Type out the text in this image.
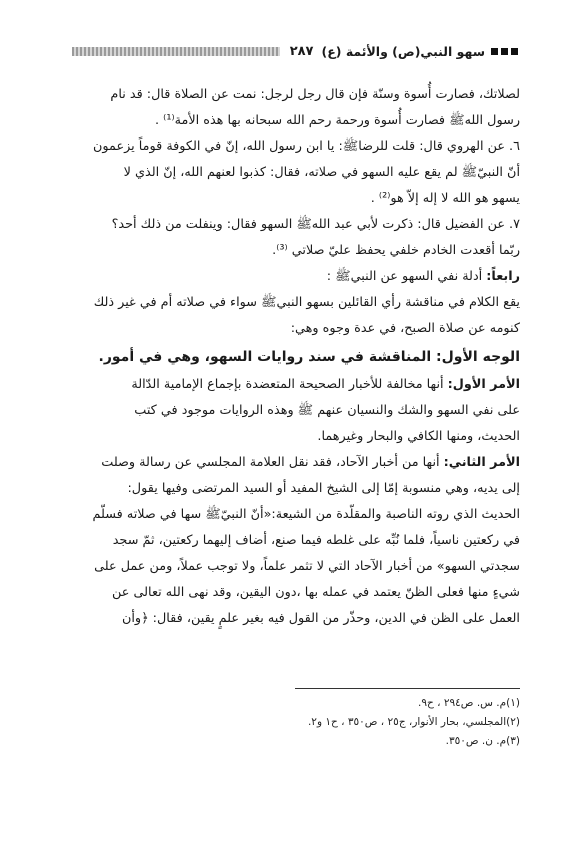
سهو النبي(ص) والأئمة (ع)
٢٨٧

لصلاتك، فصارت أُسوة وسنّة فإن قال رجل لرجل: نمت عن الصلاة قال: قد نام

رسول اللهﷺ فصارت أُسوة ورحمة رحم الله سبحانه بها هذه الأمة⁽¹⁾ .

٦. عن الهروي قال: قلت للرضاﷺ: يا ابن رسول الله، إنّ في الكوفة قوماً يزعمون

أنّ النبيّﷺ لم يقع عليه السهو في صلاته، فقال: كذبوا لعنهم الله، إنّ الذي لا

يسهو هو الله لا إله إلاّ هو⁽²⁾ .

٧. عن الفضيل قال: ذكرت لأبي عبد اللهﷺ السهو فقال: وينفلت من ذلك أحد؟

ربّما أقعدت الخادم خلفي يحفظ عليّ صلاتي ⁽³⁾.

رابعاً: أدلة نفي السهو عن النبيﷺ :

يقع الكلام في مناقشة رأي القائلين بسهو النبيﷺ سواء في صلاته أم في غير ذلك

كنومه عن صلاة الصبح، في عدة وجوه وهي:

الوجه الأول: المناقشة في سند روايات السهو، وهي في أمور.

الأمر الأول: أنها مخالفة للأخبار الصحيحة المتعضدة بإجماع الإمامية الدّالة

على نفي السهو والشك والنسيان عنهم ﷺ وهذه الروايات موجود في كتب

الحديث، ومنها الكافي والبحار وغيرهما.

الأمر الثاني: أنها من أخبار الآحاد، فقد نقل العلامة المجلسي عن رسالة وصلت

إلى يديه، وهي منسوبة إمّا إلى الشيخ المفيد أو السيد المرتضى وفيها يقول:

الحديث الذي روته الناصبة والمقلّدة من الشيعة:«أنّ النبيّﷺ سها في صلاته فسلّم

في ركعتين ناسياً، فلما نُبِّه على غلطه فيما صنع، أضاف إليهما ركعتين، ثمّ سجد

سجدتي السهو» من أخبار الآحاد التي لا تثمر علماً، ولا توجب عملاً، ومن عمل على

شيءٍ منها فعلى الظنّ يعتمد في عمله بها ،دون اليقين، وقد نهى الله تعالى عن

العمل على الظن في الدين، وحذّر من القول فيه بغير علمٍ يقين، فقال: ﴿وأن

(١)م. س. ص٢٩٤ ، ح٩.

(٢)المجلسي، بحار الأنوار، ج٢٥ ، ص٣٥٠ ، ح١ و٢.

(٣)م. ن. ص٣٥٠.
